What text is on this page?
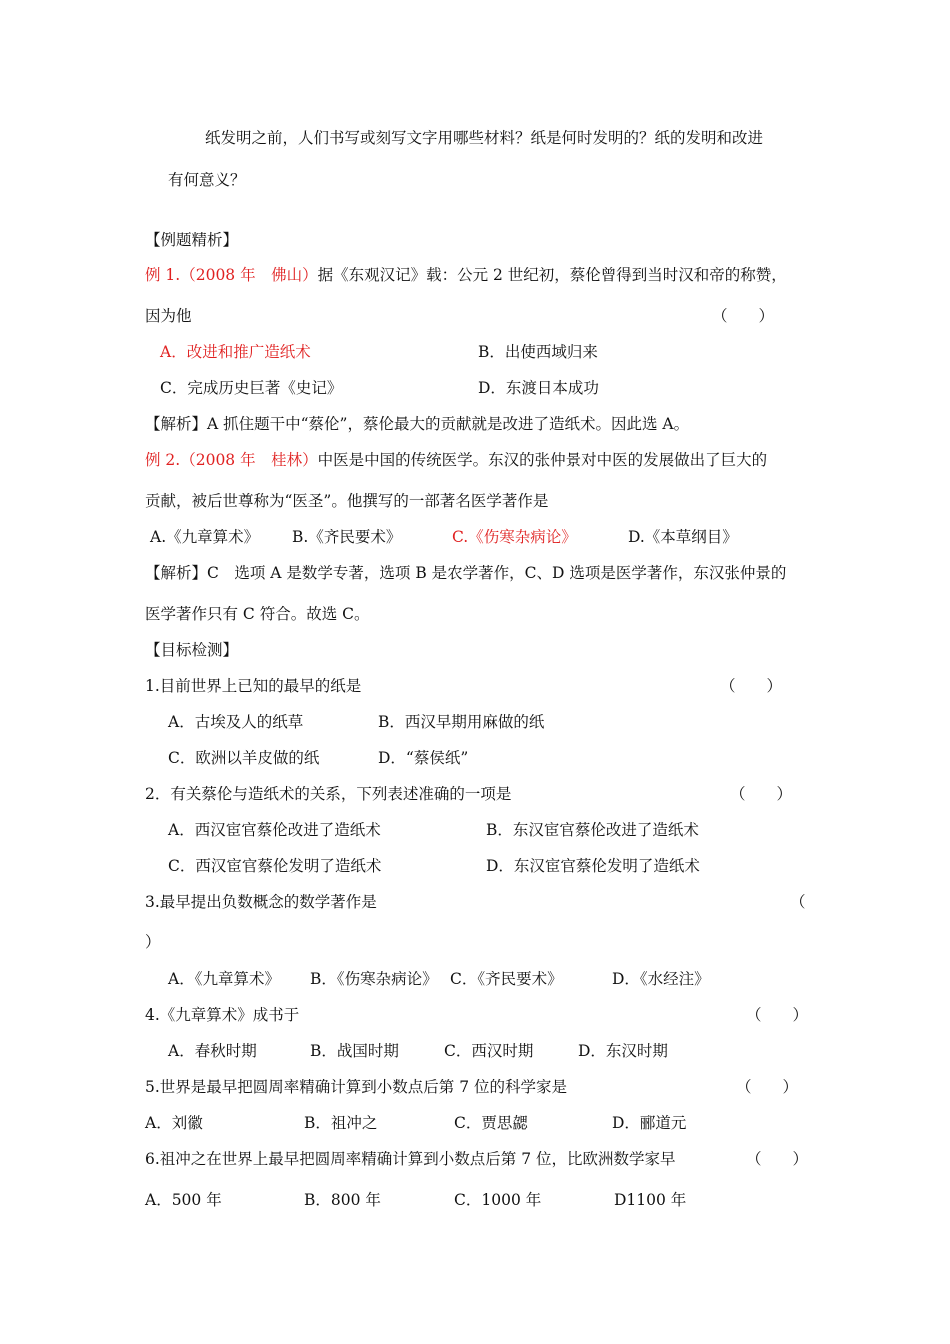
纸发明之前，人们书写或刻写文字用哪些材料？纸是何时发明的？纸的发明和改进
有何意义？
【例题精析】
例 1.（2008 年　佛山）据《东观汉记》载：公元 2 世纪初，蔡伦曾得到当时汉和帝的称赞，
因为他	（　　）
A．改进和推广造纸术	B．出使西域归来
C．完成历史巨著《史记》	D．东渡日本成功
【解析】A 抓住题干中“蔡伦”，蔡伦最大的贡献就是改进了造纸术。因此选 A。
例 2.（2008 年　桂林）中医是中国的传统医学。东汉的张仲景对中医的发展做出了巨大的
贡献，被后世尊称为“医圣”。他撰写的一部著名医学著作是
A.《九章算术》 B.《齐民要术》	C.《伤寒杂病论》	D.《本草纲目》
【解析】C　选项 A 是数学专著，选项 B 是农学著作，C、D 选项是医学著作，东汉张仲景的
医学著作只有 C 符合。故选 C。
【目标检测】
1.目前世界上已知的最早的纸是	（　　）
A．古埃及人的纸草	B．西汉早期用麻做的纸
C．欧洲以羊皮做的纸	D．“蔡侯纸”
2．有关蔡伦与造纸术的关系，下列表述准确的一项是	（　　）
A．西汉宦官蔡伦改进了造纸术	B．东汉宦官蔡伦改进了造纸术
C．西汉宦官蔡伦发明了造纸术	D．东汉宦官蔡伦发明了造纸术
3.最早提出负数概念的数学著作是	（
）
A．《九章算术》 B．《伤寒杂病论》 C．《齐民要术》	D．《水经注》
4.《九章算术》成书于	（　　）
A．春秋时期	B．战国时期	C．西汉时期	D．东汉时期
5.世界是最早把圆周率精确计算到小数点后第 7 位的科学家是	（　　）
A．刘徽	B．祖冲之	C．贾思勰	D．郦道元
6.祖冲之在世界上最早把圆周率精确计算到小数点后第 7 位，比欧洲数学家早	（　　）
A．500 年	B．800 年	C．1000 年	D1100 年
